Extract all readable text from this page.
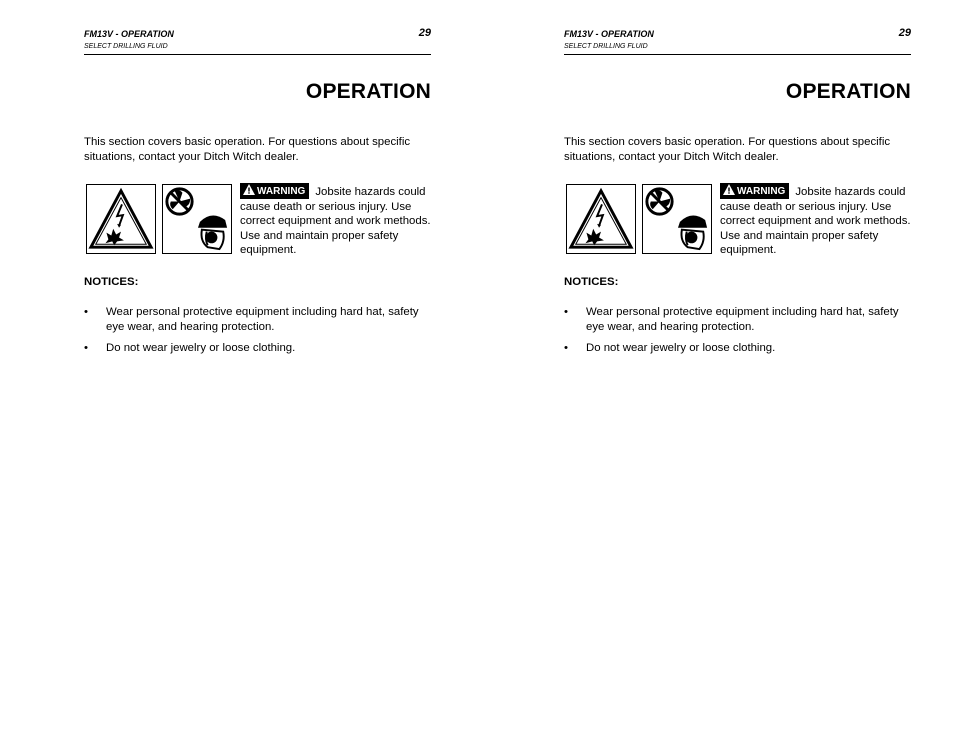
FM13V - OPERATION
SELECT DRILLING FLUID
29
OPERATION
This section covers basic operation. For questions about specific situations, contact your Ditch Witch dealer.
WARNING Jobsite hazards could cause death or serious injury. Use correct equipment and work methods. Use and maintain proper safety equipment.
NOTICES:
• Wear personal protective equipment including hard hat, safety eye wear, and hearing protection.
• Do not wear jewelry or loose clothing.
FM13V - OPERATION
SELECT DRILLING FLUID
29
OPERATION
This section covers basic operation. For questions about specific situations, contact your Ditch Witch dealer.
WARNING Jobsite hazards could cause death or serious injury. Use correct equipment and work methods. Use and maintain proper safety equipment.
NOTICES:
• Wear personal protective equipment including hard hat, safety eye wear, and hearing protection.
• Do not wear jewelry or loose clothing.
